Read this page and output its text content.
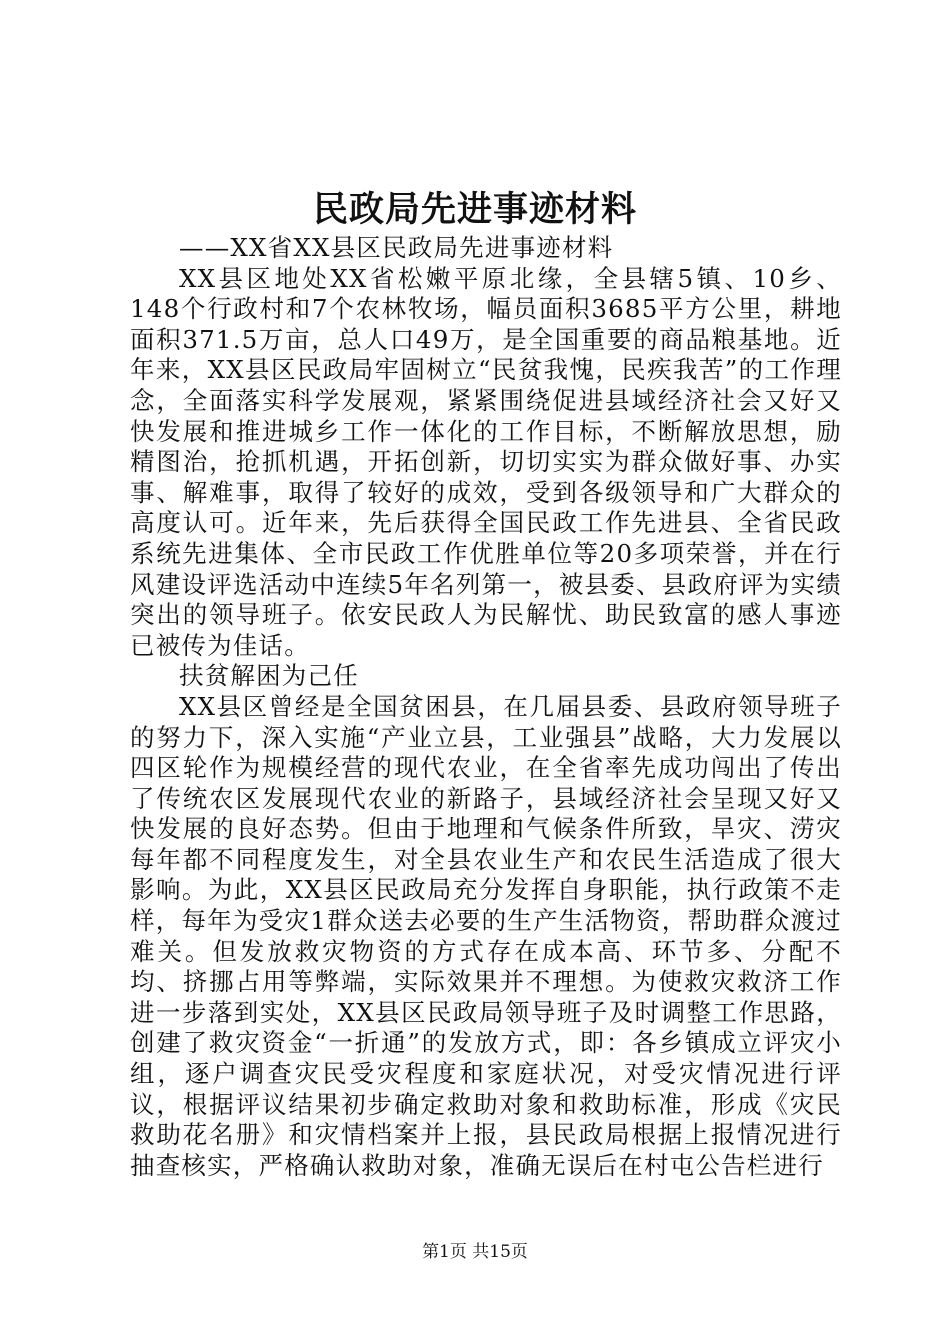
民政局先进事迹材料

——XX省XX县区民政局先进事迹材料

XX县区地处XX省松嫩平原北缘，全县辖5镇、10乡、148个行政村和7个农林牧场，幅员面积3685平方公里，耕地面积371.5万亩，总人口49万，是全国重要的商品粮基地。近年来，XX县区民政局牢固树立“民贫我愧，民疾我苦”的工作理念，全面落实科学发展观，紧紧围绕促进县域经济社会又好又快发展和推进城乡工作一体化的工作目标，不断解放思想，励精图治，抢抓机遇，开拓创新，切切实实为群众做好事、办实事、解难事，取得了较好的成效，受到各级领导和广大群众的高度认可。近年来，先后获得全国民政工作先进县、全省民政系统先进集体、全市民政工作优胜单位等20多项荣誉，并在行风建设评选活动中连续5年名列第一，被县委、县政府评为实绩突出的领导班子。依安民政人为民解忧、助民致富的感人事迹已被传为佳话。

扶贫解困为己任

XX县区曾经是全国贫困县，在几届县委、县政府领导班子的努力下，深入实施“产业立县，工业强县”战略，大力发展以四区轮作为规模经营的现代农业，在全省率先成功闯出了传出了传统农区发展现代农业的新路子，县域经济社会呈现又好又快发展的良好态势。但由于地理和气候条件所致，旱灾、涝灾每年都不同程度发生，对全县农业生产和农民生活造成了很大影响。为此，XX县区民政局充分发挥自身职能，执行政策不走样，每年为受灾1群众送去必要的生产生活物资，帮助群众渡过难关。但发放救灾物资的方式存在成本高、环节多、分配不均、挤挪占用等弊端，实际效果并不理想。为使救灾救济工作进一步落到实处，XX县区民政局领导班子及时调整工作思路，创建了救灾资金“一折通”的发放方式，即：各乡镇成立评灾小组，逐户调查灾民受灾程度和家庭状况，对受灾情况进行评议，根据评议结果初步确定救助对象和救助标准，形成《灾民救助花名册》和灾情档案并上报，县民政局根据上报情况进行抽查核实，严格确认救助对象，准确无误后在村屯公告栏进行

第1页 共15页
